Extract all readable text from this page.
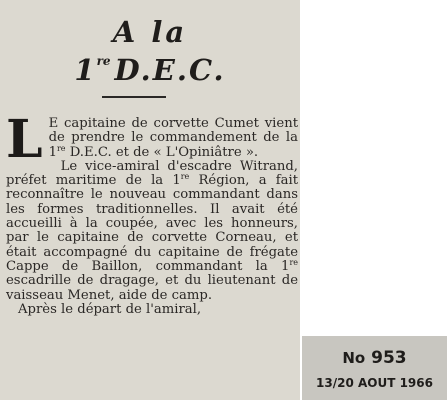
A la
1re D.E.C.

L E capitaine de corvette Cumet vient de prendre le commandement de la 1re D.E.C. et de « L'Opiniâtre ».

Le vice-amiral d'escadre Witrand, préfet maritime de la 1re Région, a fait reconnaître le nouveau commandant dans les formes traditionnelles. Il avait été accueilli à la coupée, avec les honneurs, par le capitaine de corvette Corneau, et était accompagné du capitaine de frégate Cappe de Baillon, commandant la 1re escadrille de dragage, et du lieutenant de vaisseau Menet, aide de camp.

Après le départ de l'amiral,

No 953
13/20 AOUT 1966
